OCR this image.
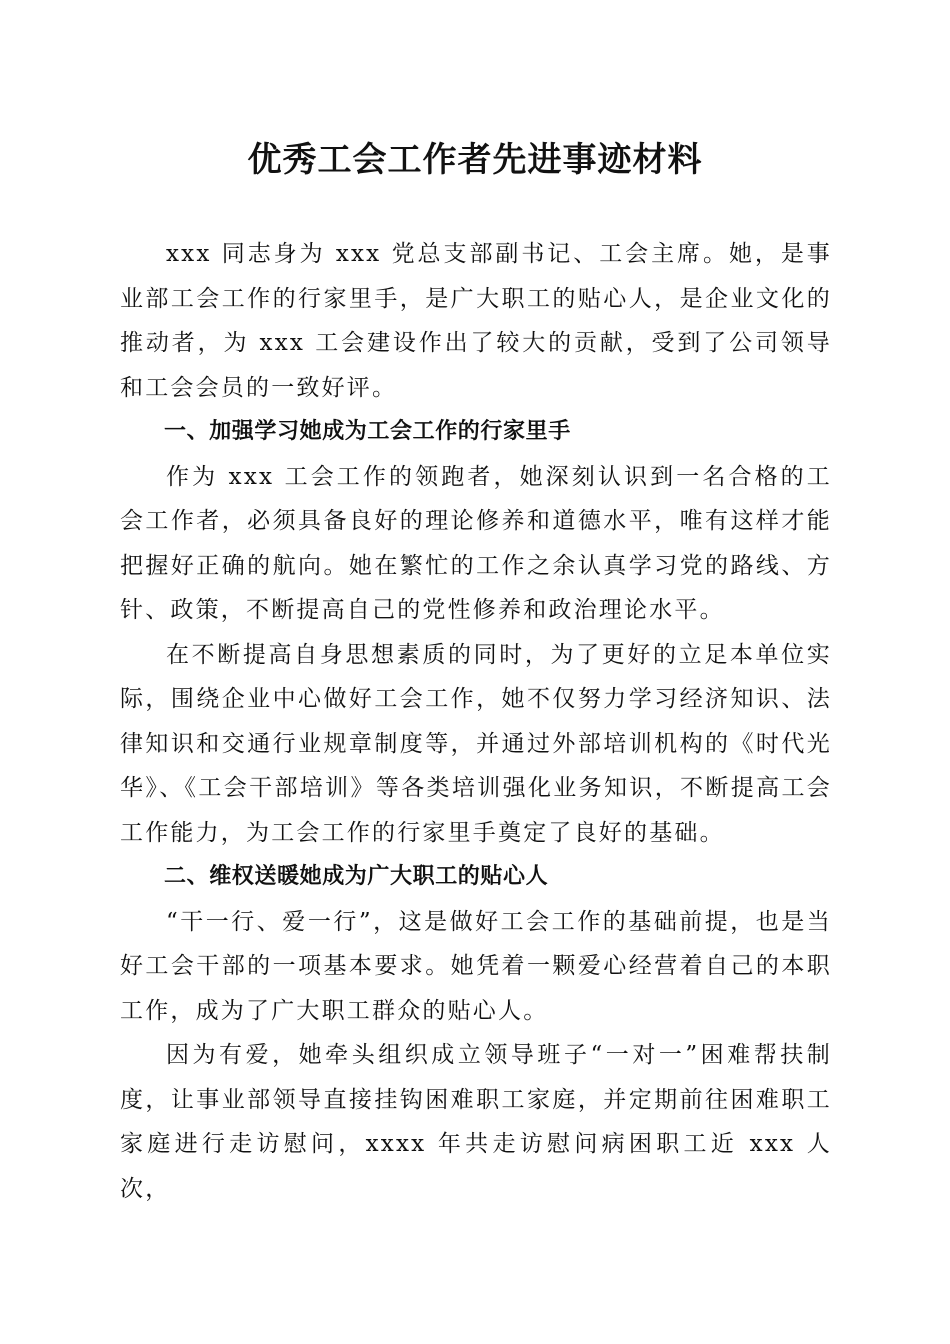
优秀工会工作者先进事迹材料

xxx 同志身为 xxx 党总支部副书记、工会主席。她，是事业部工会工作的行家里手，是广大职工的贴心人，是企业文化的推动者，为 xxx 工会建设作出了较大的贡献，受到了公司领导和工会会员的一致好评。

一、加强学习她成为工会工作的行家里手

作为 xxx 工会工作的领跑者，她深刻认识到一名合格的工会工作者，必须具备良好的理论修养和道德水平，唯有这样才能把握好正确的航向。她在繁忙的工作之余认真学习党的路线、方针、政策，不断提高自己的党性修养和政治理论水平。

在不断提高自身思想素质的同时，为了更好的立足本单位实际，围绕企业中心做好工会工作，她不仅努力学习经济知识、法律知识和交通行业规章制度等，并通过外部培训机构的《时代光华》、《工会干部培训》等各类培训强化业务知识，不断提高工会工作能力，为工会工作的行家里手奠定了良好的基础。

二、维权送暖她成为广大职工的贴心人

“干一行、爱一行”，这是做好工会工作的基础前提，也是当好工会干部的一项基本要求。她凭着一颗爱心经营着自己的本职工作，成为了广大职工群众的贴心人。

因为有爱，她牵头组织成立领导班子“一对一”困难帮扶制度，让事业部领导直接挂钩困难职工家庭，并定期前往困难职工家庭进行走访慰问，xxxx 年共走访慰问病困职工近 xxx 人次，
